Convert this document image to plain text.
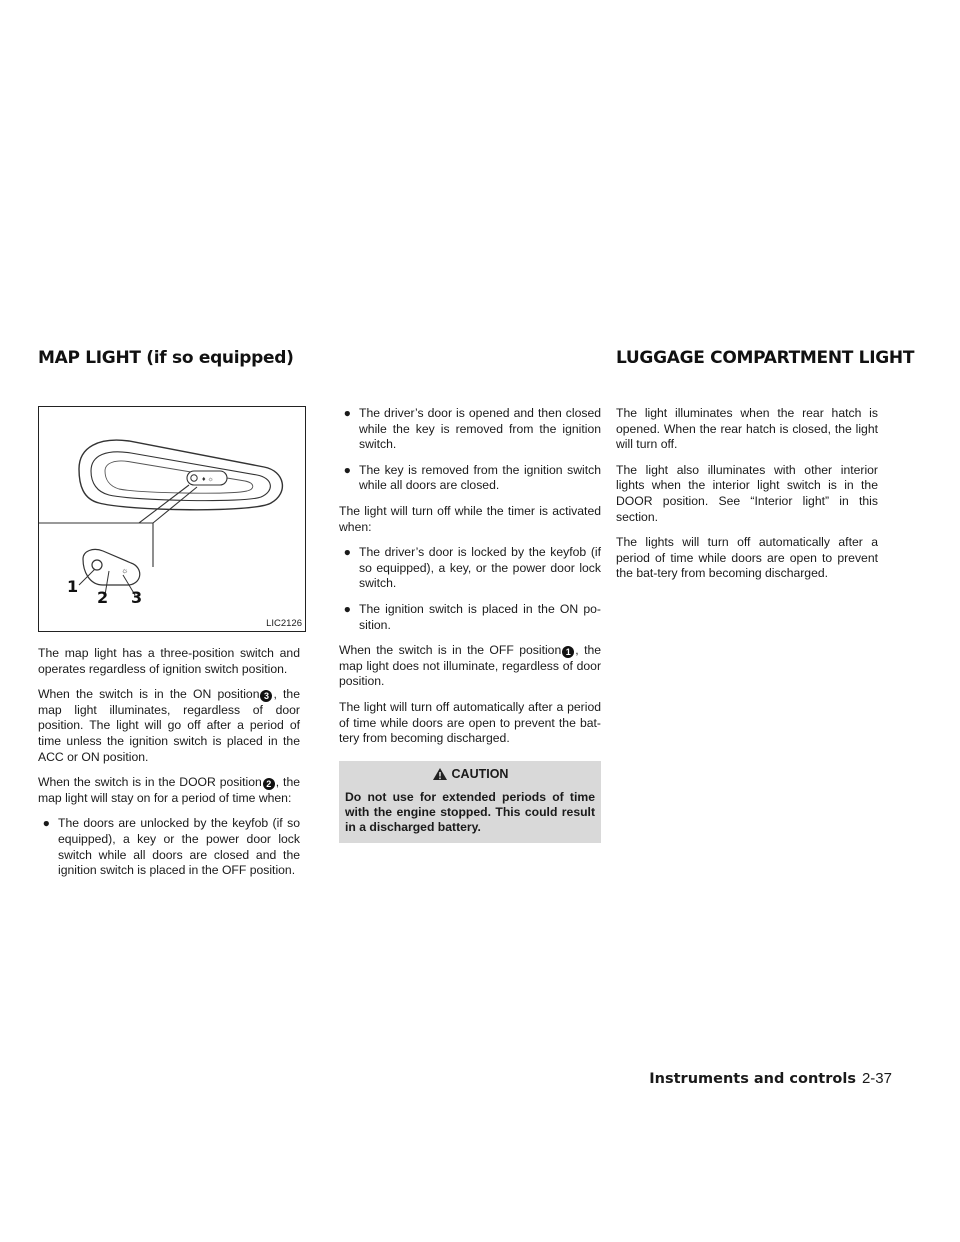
MAP LIGHT (if so equipped)	LUGGAGE COMPARTMENT LIGHT
♦ ☼
☼
1
2 3
LIC2126

The map light has a three-position switch and operates regardless of ignition switch position.

When the switch is in the ON position 3 , the map light illuminates, regardless of door position. The light will go off after a period of time unless the ignition switch is placed in the ACC or ON position.

When the switch is in the DOOR position 2 , the map light will stay on for a period of time when:

● The doors are unlocked by the keyfob (if so equipped), a key or the power door lock switch while all doors are closed and the ignition switch is placed in the OFF position.
● The driver’s door is opened and then closed while the key is removed from the ignition switch.
● The key is removed from the ignition switch while all doors are closed.

The light will turn off while the timer is activated when:

● The driver’s door is locked by the keyfob (if so equipped), a key, or the power door lock switch.
● The ignition switch is placed in the ON po-sition.

When the switch is in the OFF position 1 , the map light does not illuminate, regardless of door position.

The light will turn off automatically after a period of time while doors are open to prevent the bat-tery from becoming discharged.

CAUTION
Do not use for extended periods of time with the engine stopped. This could result in a discharged battery.

The light illuminates when the rear hatch is opened. When the rear hatch is closed, the light will turn off.

The light also illuminates with other interior lights when the interior light switch is in the DOOR position. See “Interior light” in this section.

The lights will turn off automatically after a period of time while doors are open to prevent the bat-tery from becoming discharged.

Instruments and controls 2-37
